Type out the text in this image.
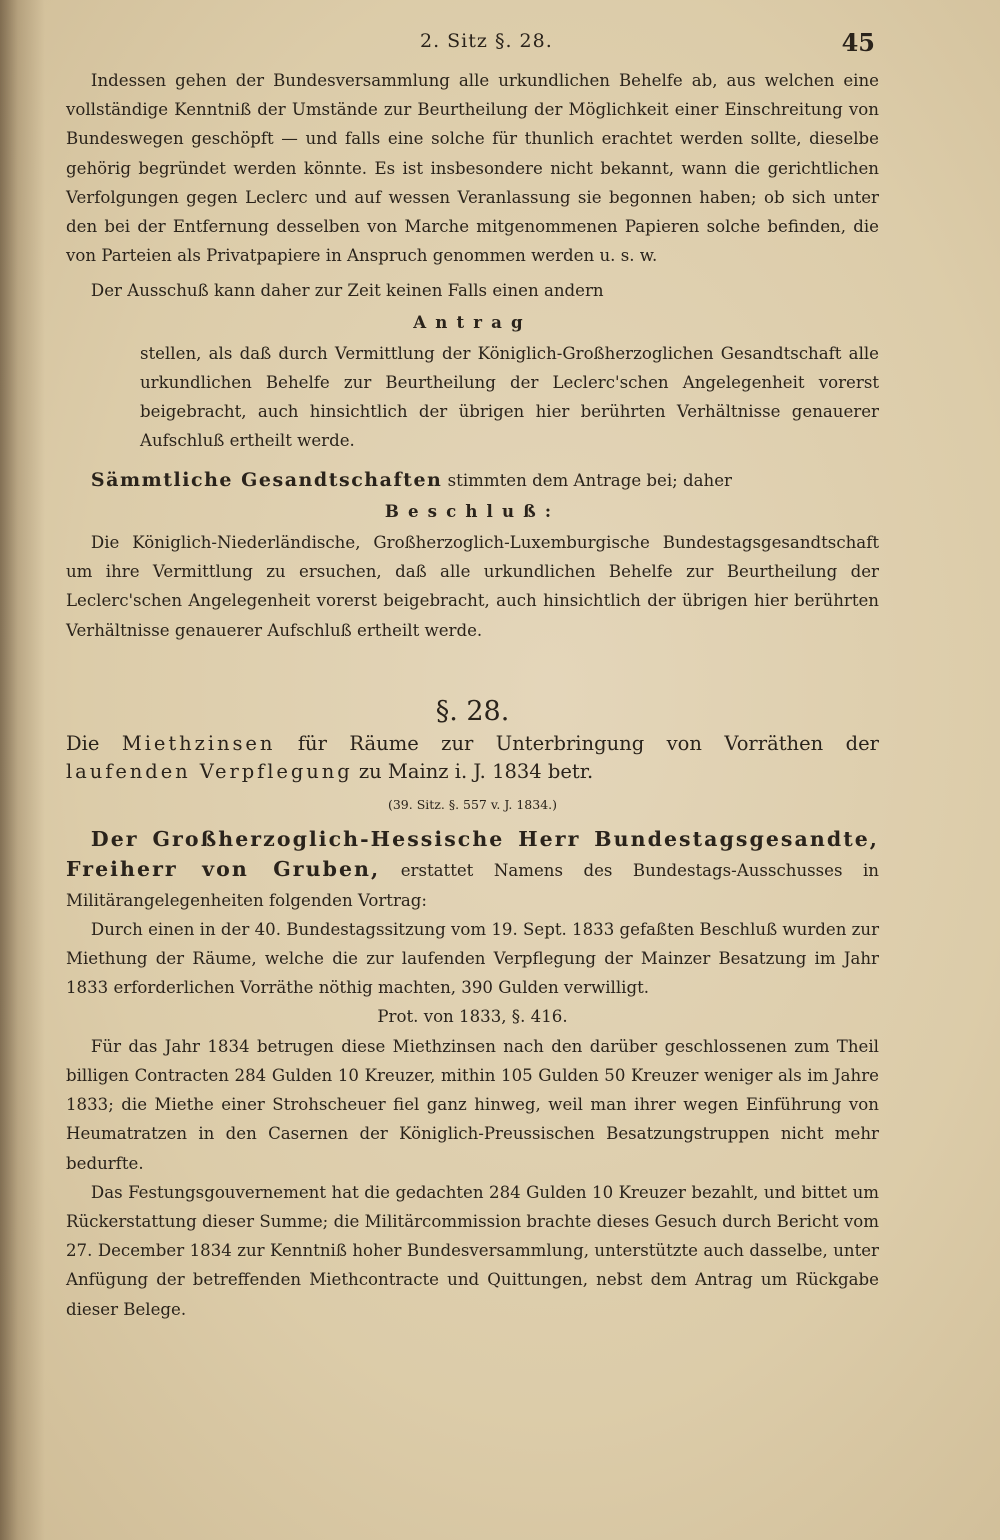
2. Sitz §. 28.	45

Indessen gehen der Bundesversammlung alle urkundlichen Behelfe ab, aus welchen eine vollständige Kenntniß der Umstände zur Beurtheilung der Möglichkeit einer Einschreitung von Bundeswegen geschöpft — und falls eine solche für thunlich erachtet werden sollte, dieselbe gehörig begründet werden könnte. Es ist insbesondere nicht bekannt, wann die gerichtlichen Verfolgungen gegen Leclerc und auf wessen Veranlassung sie begonnen haben; ob sich unter den bei der Entfernung desselben von Marche mitgenommenen Papieren solche befinden, die von Parteien als Privatpapiere in Anspruch genommen werden u. s. w.

Der Ausschuß kann daher zur Zeit keinen Falls einen andern

Antrag

stellen, als daß durch Vermittlung der Königlich-Großherzoglichen Gesandtschaft alle urkundlichen Behelfe zur Beurtheilung der Leclerc'schen Angelegenheit vorerst beigebracht, auch hinsichtlich der übrigen hier berührten Verhältnisse genauerer Aufschluß ertheilt werde.

Sämmtliche Gesandtschaften stimmten dem Antrage bei; daher

Beschluß:

Die Königlich-Niederländische, Großherzoglich-Luxemburgische Bundestagsgesandtschaft um ihre Vermittlung zu ersuchen, daß alle urkundlichen Behelfe zur Beurtheilung der Leclerc'schen Angelegenheit vorerst beigebracht, auch hinsichtlich der übrigen hier berührten Verhältnisse genauerer Aufschluß ertheilt werde.

§. 28.

Die Miethzinsen für Räume zur Unterbringung von Vorräthen der laufenden Verpflegung zu Mainz i. J. 1834 betr.

(39. Sitz. §. 557 v. J. 1834.)

Der Großherzoglich-Hessische Herr Bundestagsgesandte, Freiherr von Gruben, erstattet Namens des Bundestags-Ausschusses in Militärangelegenheiten folgenden Vortrag:

Durch einen in der 40. Bundestagssitzung vom 19. Sept. 1833 gefaßten Beschluß wurden zur Miethung der Räume, welche die zur laufenden Verpflegung der Mainzer Besatzung im Jahr 1833 erforderlichen Vorräthe nöthig machten, 390 Gulden verwilligt.

Prot. von 1833, §. 416.

Für das Jahr 1834 betrugen diese Miethzinsen nach den darüber geschlossenen zum Theil billigen Contracten 284 Gulden 10 Kreuzer, mithin 105 Gulden 50 Kreuzer weniger als im Jahre 1833; die Miethe einer Strohscheuer fiel ganz hinweg, weil man ihrer wegen Einführung von Heumatratzen in den Casernen der Königlich-Preussischen Besatzungstruppen nicht mehr bedurfte.

Das Festungsgouvernement hat die gedachten 284 Gulden 10 Kreuzer bezahlt, und bittet um Rückerstattung dieser Summe; die Militärcommission brachte dieses Gesuch durch Bericht vom 27. December 1834 zur Kenntniß hoher Bundesversammlung, unterstützte auch dasselbe, unter Anfügung der betreffenden Miethcontracte und Quittungen, nebst dem Antrag um Rückgabe dieser Belege.
